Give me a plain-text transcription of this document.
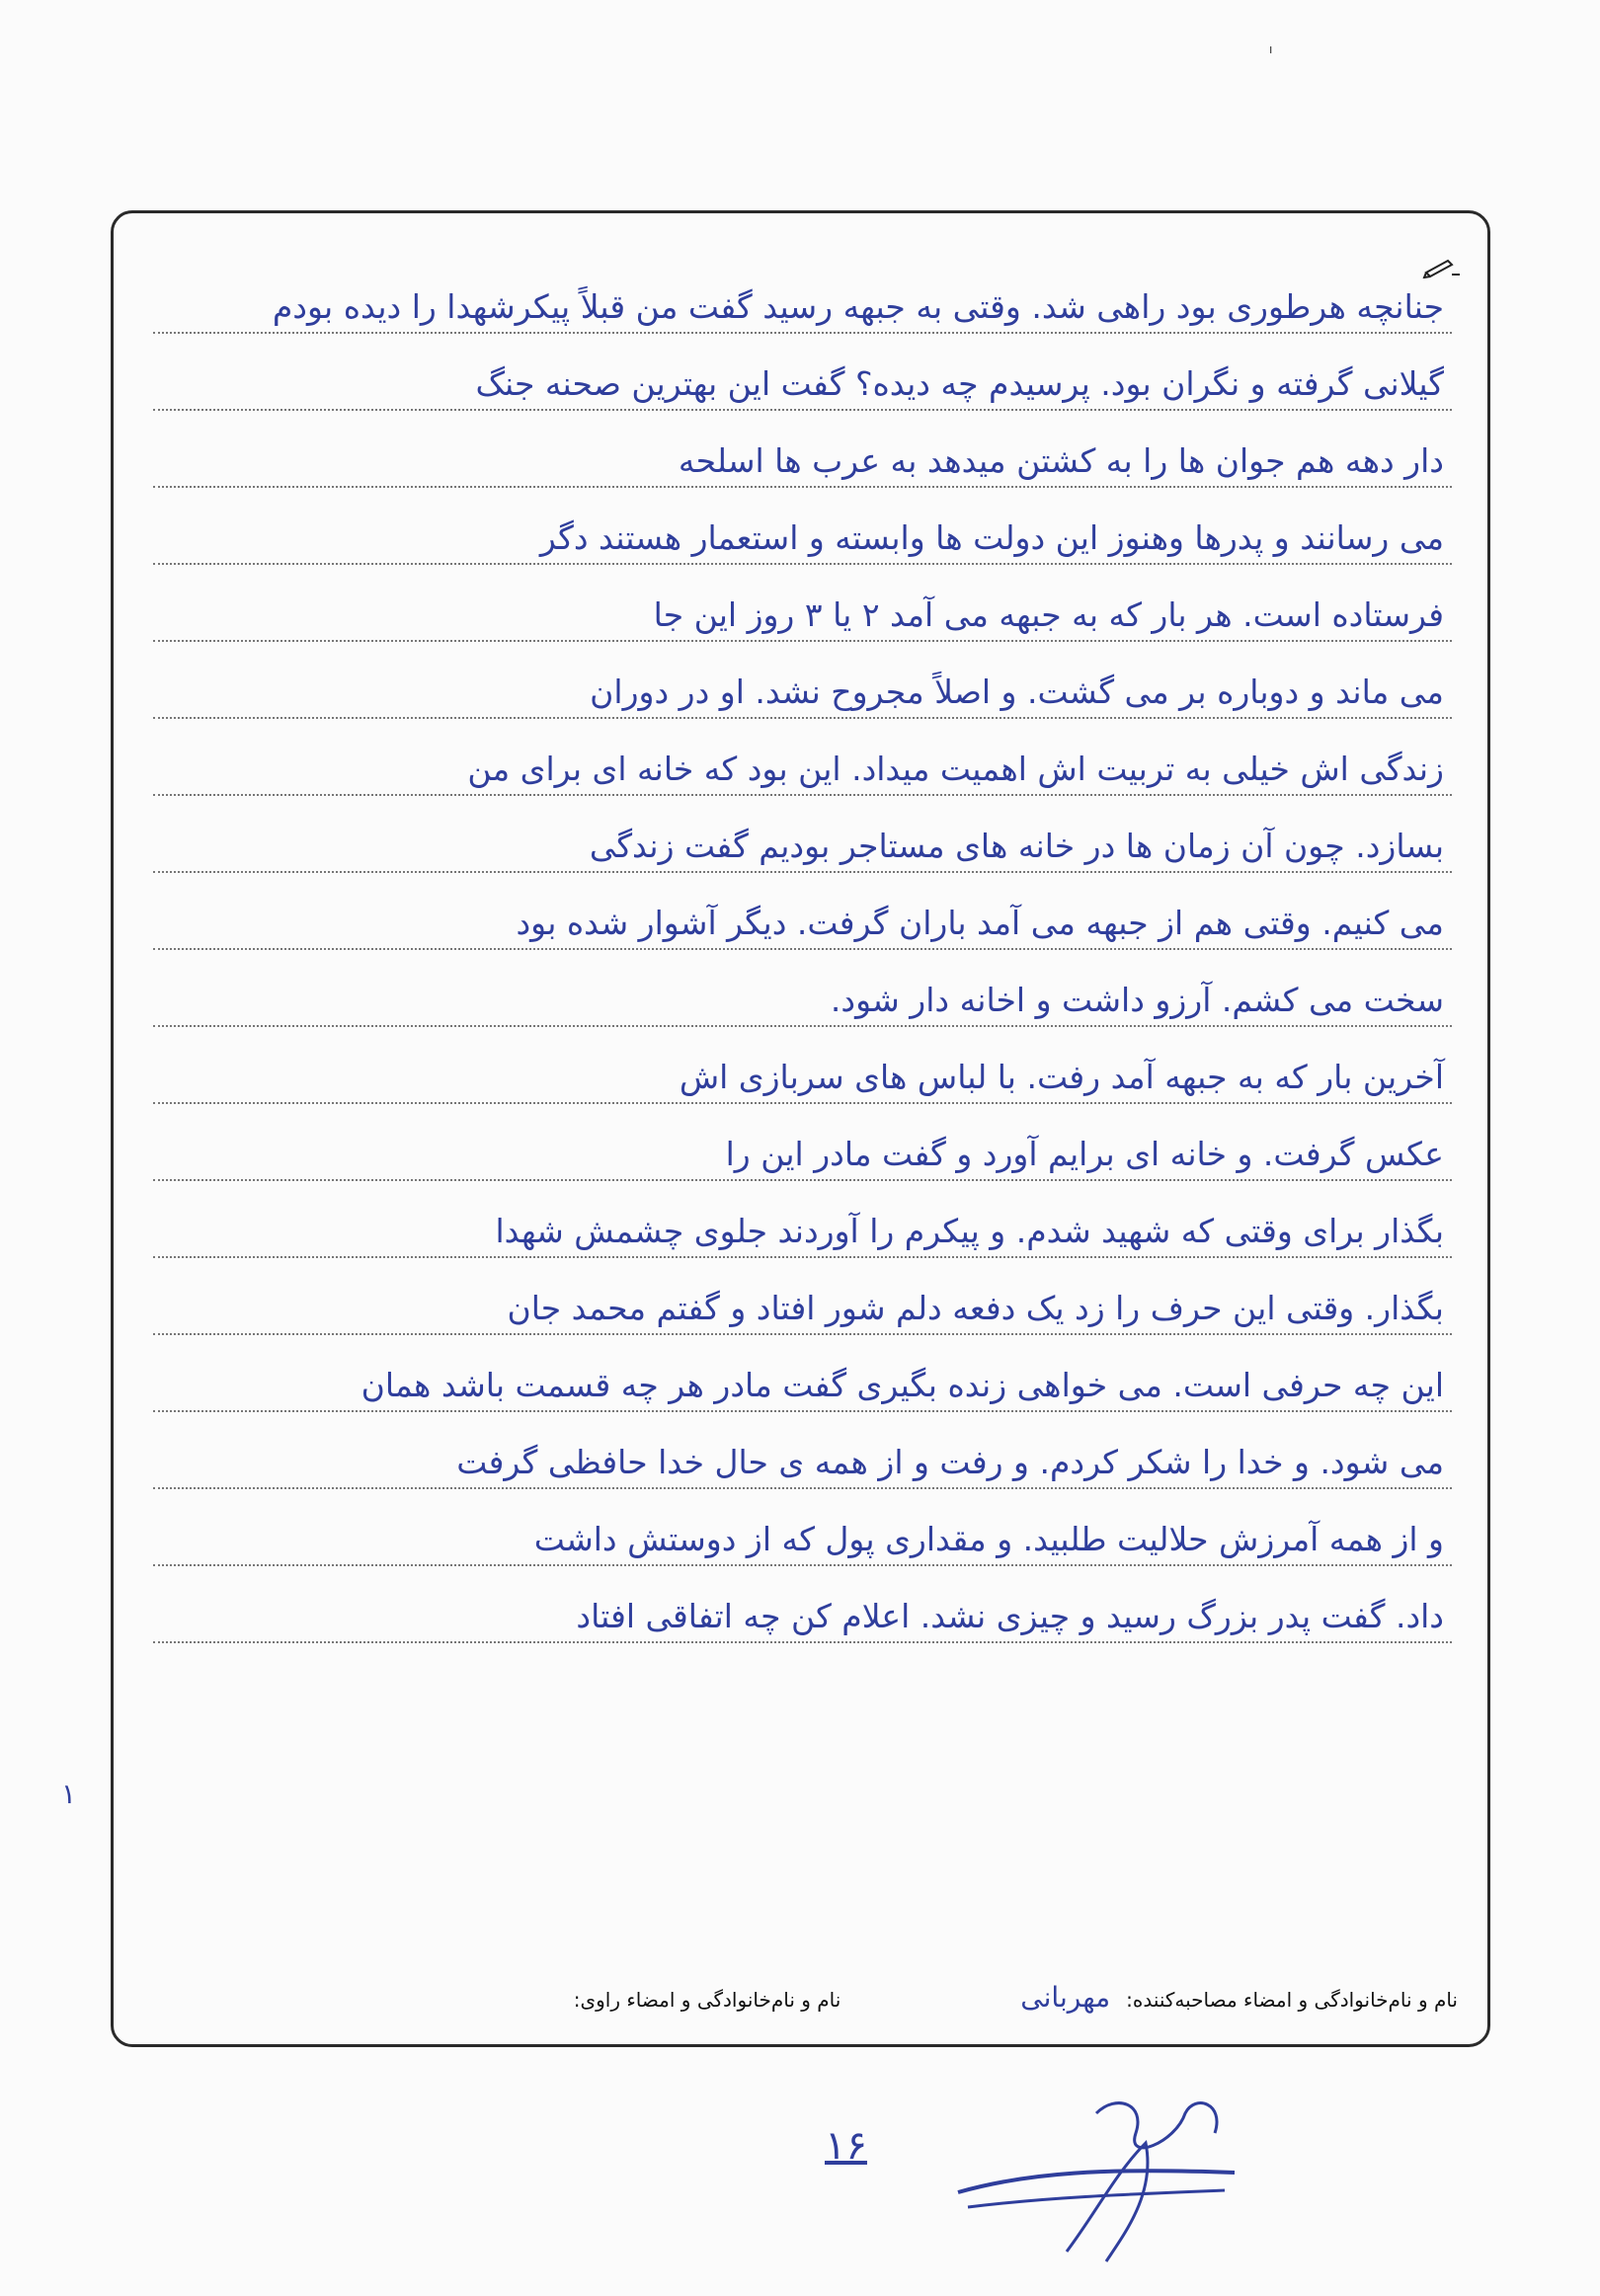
ᴵ
جنانچه هرطوری بود راهی شد. وقتی به جبهه رسید گفت من قبلاً پیکرشهدا را دیده بودم
گیلانی گرفته و نگران بود. پرسیدم چه دیده؟ گفت این بهترین صحنه جنگ
دار دهه هم جوان ها را به کشتن میدهد به عرب ها اسلحه
می رسانند و پدرها وهنوز این دولت ها وابسته و استعمار هستند دگر
فرستاده است. هر بار که به جبهه می آمد ۲ یا ۳ روز این جا
می ماند و دوباره بر می گشت. و اصلاً مجروح نشد. او در دوران
زندگی اش خیلی به تربیت اش اهمیت میداد. این بود که خانه ای برای من
بسازد. چون آن زمان ها در خانه های مستاجر بودیم گفت زندگی
می کنیم. وقتی هم از جبهه می آمد باران گرفت. دیگر آشوار شده بود
سخت می کشم. آرزو داشت و اخانه دار شود.
آخرین بار که به جبهه آمد رفت. با لباس های سربازی اش
عکس گرفت. و خانه ای برایم آورد و گفت مادر این را
بگذار برای وقتی که شهید شدم. و پیکرم را آوردند جلوی چشمش شهدا
بگذار. وقتی این حرف را زد یک دفعه دلم شور افتاد و گفتم محمد جان
این چه حرفی است. می خواهی زنده بگیری گفت مادر هر چه قسمت باشد همان
می شود. و خدا را شکر کردم. و رفت و از همه ی حال خدا حافظی گرفت
و از همه آمرزش حلالیت طلبید. و مقداری پول که از دوستش داشت
داد. گفت پدر بزرگ رسید و چیزی نشد. اعلام کن چه اتفاقی افتاد
نام و نام‌خانوادگی و امضاء مصاحبه‌کننده:
مهربانی
نام و نام‌خانوادگی و امضاء راوی:
۱
۱۶
